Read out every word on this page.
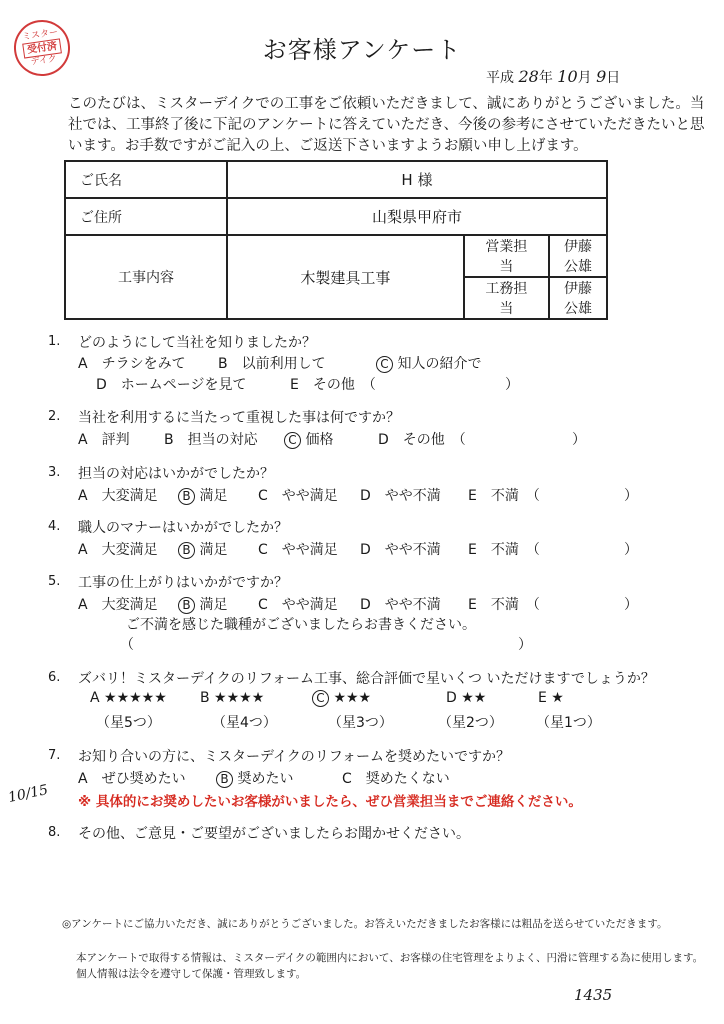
ミスター
受付済
デイク	お客様アンケート
平成 28年 10月 9日
このたびは、ミスターデイクでの工事をご依頼いただきまして、誠にありがとうございました。当社では、工事終了後に下記のアンケートに答えていただき、今後の参考にさせていただきたいと思います。お手数ですがご記入の上、ご返送下さいますようお願い申し上げます。
ご氏名	H 様		
ご住所	山梨県甲府市		
工事内容	木製建具工事	営業担当	伊藤　公雄
		工務担当	伊藤　公雄
1. どのようにして当社を知りましたか？
A　チラシをみて B　以前利用して	C 知人の紹介で
D　ホームページを見て	E　その他　（	）
2. 当社を利用するに当たって重視した事は何ですか？
A　評判 B　担当の対応	C 価格	D　その他　（	）
3. 担当の対応はいかがでしたか？
A　大変満足	B 満足 C　やや満足 D　やや不満 E　不満　（	）
4. 職人のマナーはいかがでしたか？
A　大変満足	B 満足 C　やや満足 D　やや不満 E　不満　（	）
5. 工事の仕上がりはいかがですか？
A　大変満足	B 満足 C　やや満足 D　やや不満 E　不満　（	）
ご不満を感じた職種がございましたらお書きください。
（	）
6. ズバリ！ミスターデイクのリフォーム工事、総合評価で星いくつ いただけますでしょうか？
A ★★★★★ B ★★★★	C ★★★	D ★★	E ★
（星5つ）	（星4つ）	（星3つ）	（星2つ） （星1つ）
7. お知り合いの方に、ミスターデイクのリフォームを奨めたいですか？
A　ぜひ奨めたい	B 奨めたい	C　奨めたくない
※ 具体的にお奨めしたいお客様がいましたら、ぜひ営業担当までご連絡ください。
8. その他、ご意見・ご要望がございましたらお聞かせください。
10/15
1435
◎アンケートにご協力いただき、誠にありがとうございました。お答えいただきましたお客様には粗品を送らせていただきます。
本アンケートで取得する情報は、ミスターデイクの範囲内において、お客様の住宅管理をよりよく、円滑に管理する為に使用します。
個人情報は法令を遵守して保護・管理致します。
